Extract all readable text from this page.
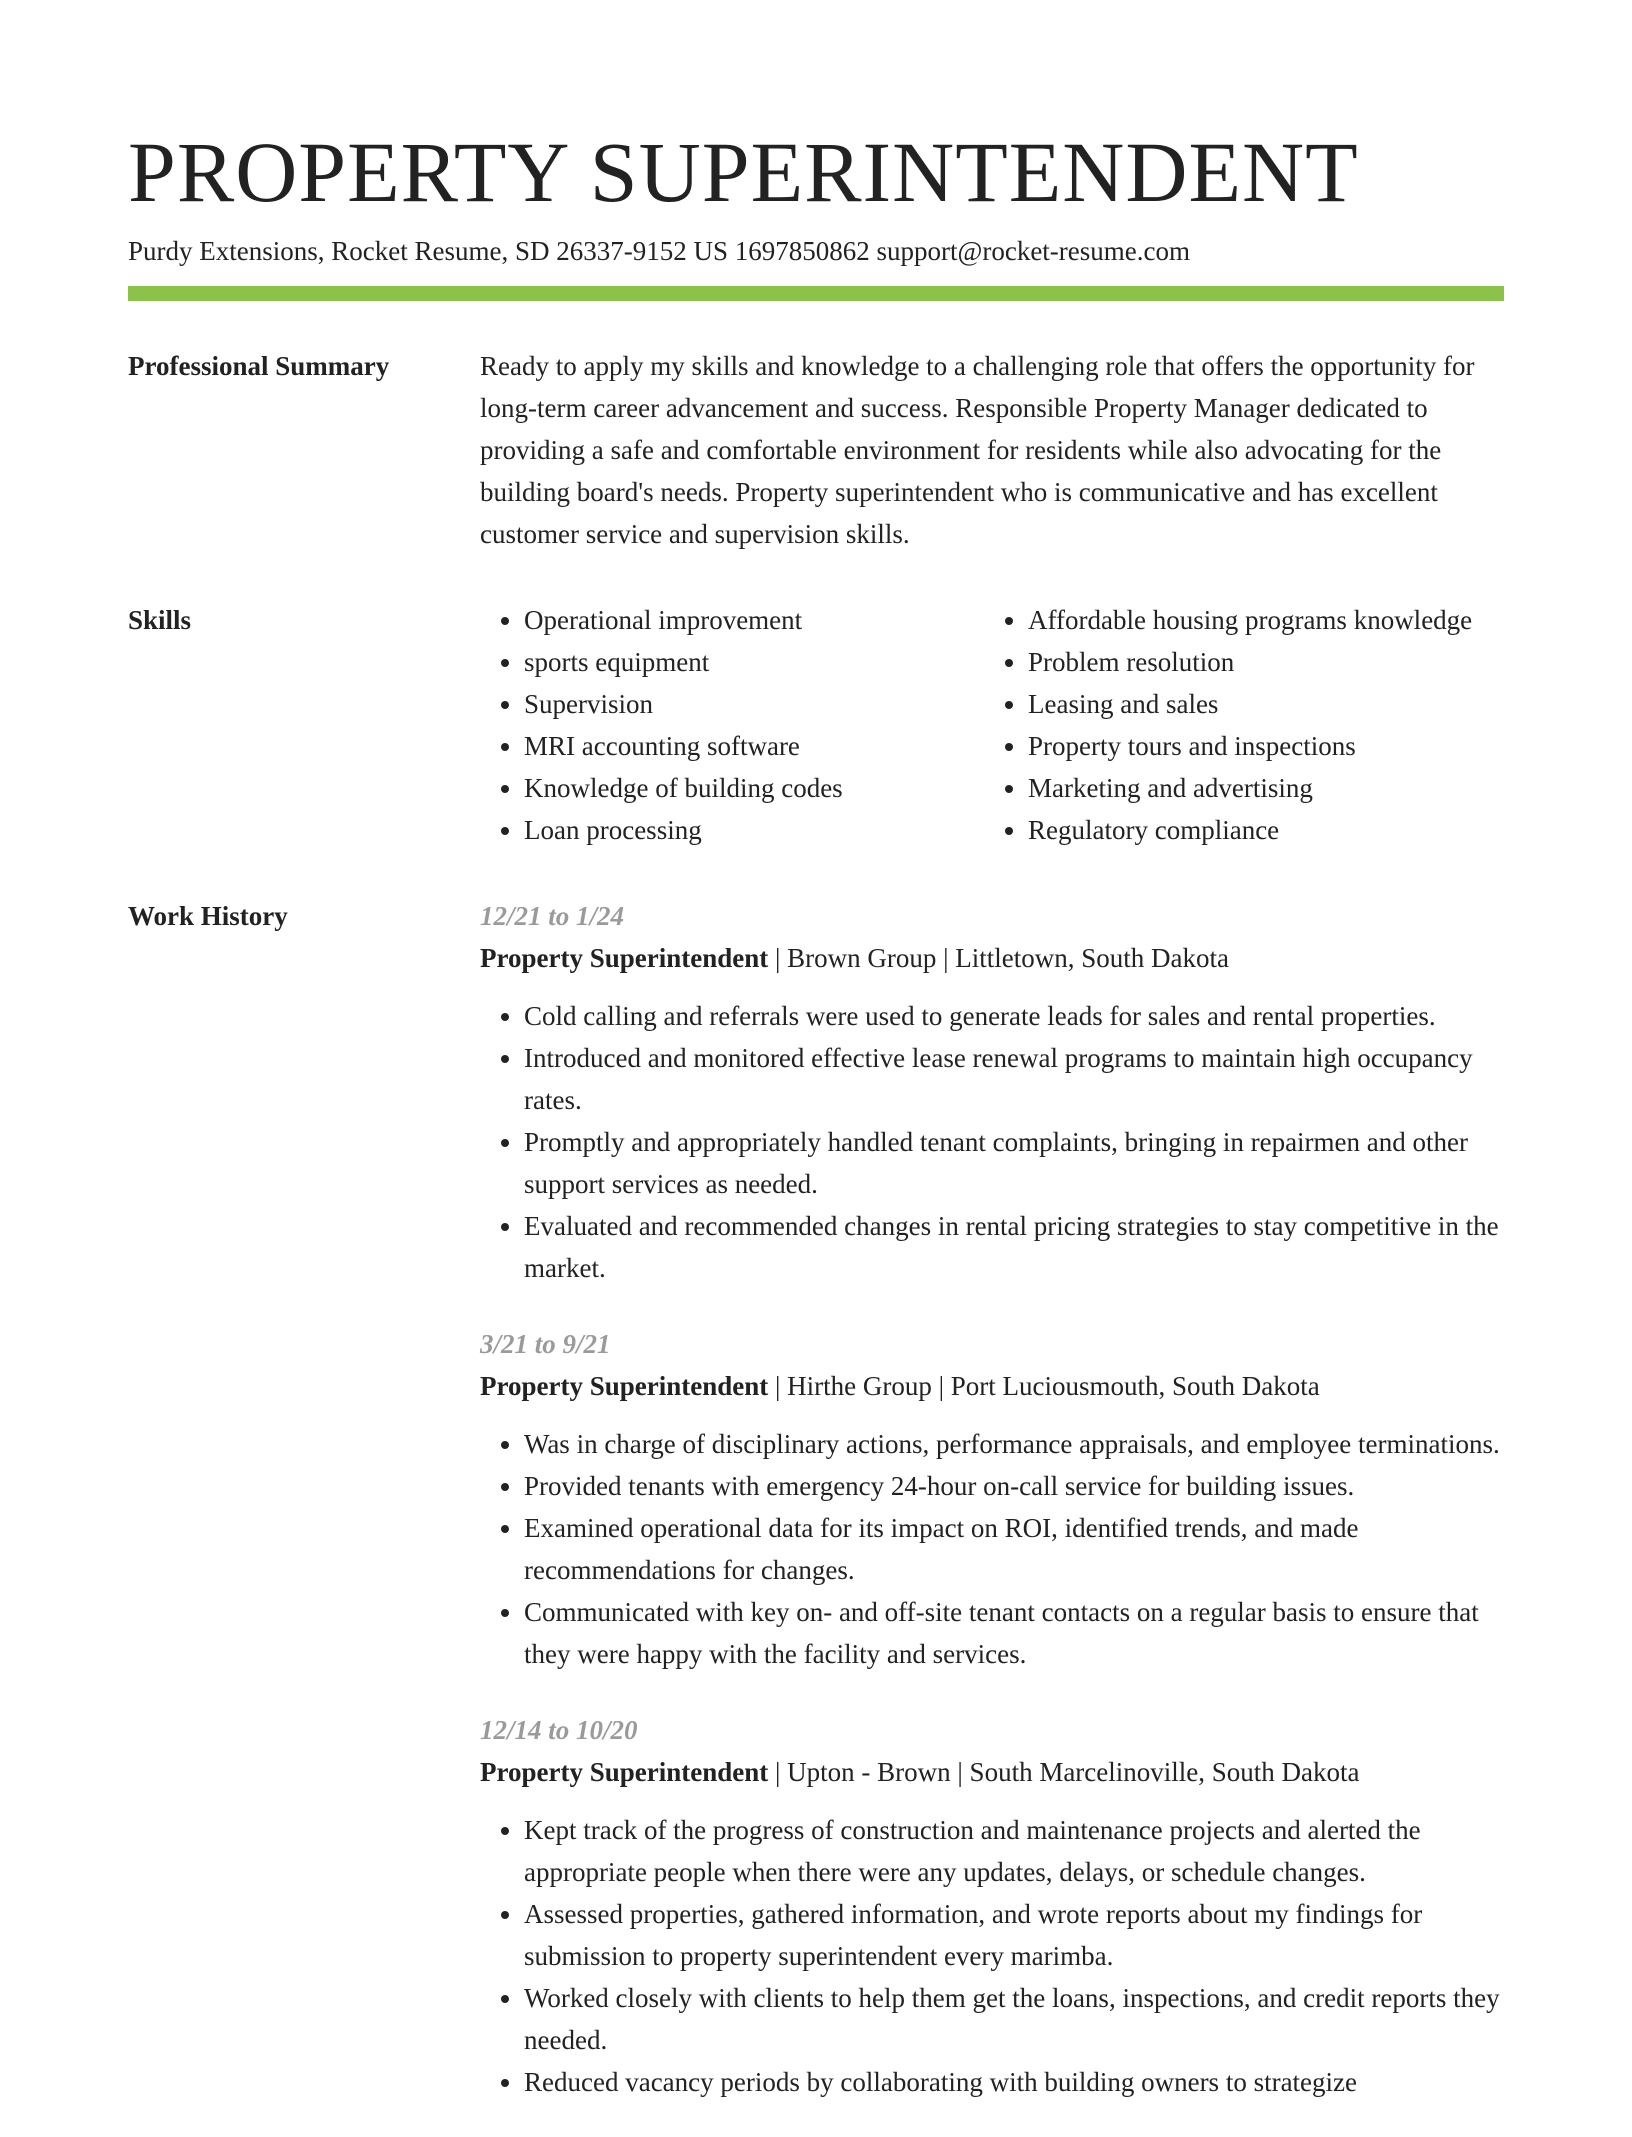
PROPERTY SUPERINTENDENT
Purdy Extensions, Rocket Resume, SD 26337-9152 US 1697850862 support@rocket-resume.com
Professional Summary	Ready to apply my skills and knowledge to a challenging role that offers the opportunity for long-term career advancement and success. Responsible Property Manager dedicated to providing a safe and comfortable environment for residents while also advocating for the building board's needs. Property superintendent who is communicative and has excellent customer service and supervision skills.

Skills
•	Operational improvement
• sports equipment
• Supervision
• MRI accounting software
• Knowledge of building codes
• Loan processing
• Affordable housing programs knowledge
• Problem resolution
• Leasing and sales
• Property tours and inspections
• Marketing and advertising
• Regulatory compliance
Work History	12/21 to 1/24
Property Superintendent | Brown Group | Littletown, South Dakota
• Cold calling and referrals were used to generate leads for sales and rental properties.
• Introduced and monitored effective lease renewal programs to maintain high occupancy rates.
• Promptly and appropriately handled tenant complaints, bringing in repairmen and other support services as needed.
• Evaluated and recommended changes in rental pricing strategies to stay competitive in the market.
3/21 to 9/21
Property Superintendent | Hirthe Group | Port Luciousmouth, South Dakota
• Was in charge of disciplinary actions, performance appraisals, and employee terminations.
• Provided tenants with emergency 24-hour on-call service for building issues.
• Examined operational data for its impact on ROI, identified trends, and made recommendations for changes.
• Communicated with key on- and off-site tenant contacts on a regular basis to ensure that they were happy with the facility and services.
12/14 to 10/20
Property Superintendent | Upton - Brown | South Marcelinoville, South Dakota
• Kept track of the progress of construction and maintenance projects and alerted the appropriate people when there were any updates, delays, or schedule changes.
• Assessed properties, gathered information, and wrote reports about my findings for submission to property superintendent every marimba.
• Worked closely with clients to help them get the loans, inspections, and credit reports they needed.
• Reduced vacancy periods by collaborating with building owners to strategize
